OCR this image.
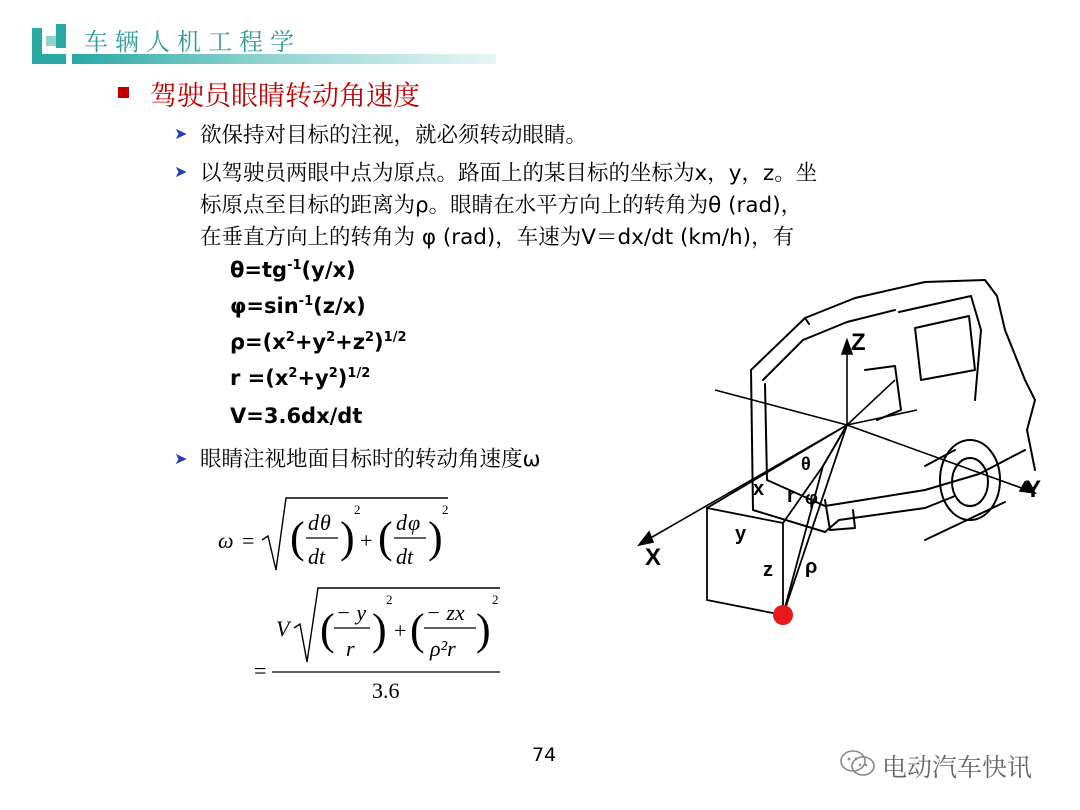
车辆人机工程学
驾驶员眼睛转动角速度
➤ 欲保持对目标的注视，就必须转动眼睛。
➤ 以驾驶员两眼中点为原点。路面上的某目标的坐标为x，y，z。坐
标原点至目标的距离为ρ。眼睛在水平方向上的转角为θ (rad)，
在垂直方向上的转角为 φ (rad)，车速为V＝dx/dt (km/h)，有
$\theta=tg^{-1}(y/x)$
$\varphi=\sin^{-1}(z/x)$
$\rho=(x^2+y^2+z^2)^{1/2}$
$r =(x^2+y^2)^{1/2}$
V=3.6dx/dt
➤ 眼睛注视地面目标时的转动角速度ω
ω = ( d θ
dt )
2
+ ( d φ
dt )
2
=
V ( − y
r )
2
+ ( − zx
ρ²r )
2
3.6
Z
Y
X
x
y
z
r
ρ
θ
φ
74	电动汽车快讯
